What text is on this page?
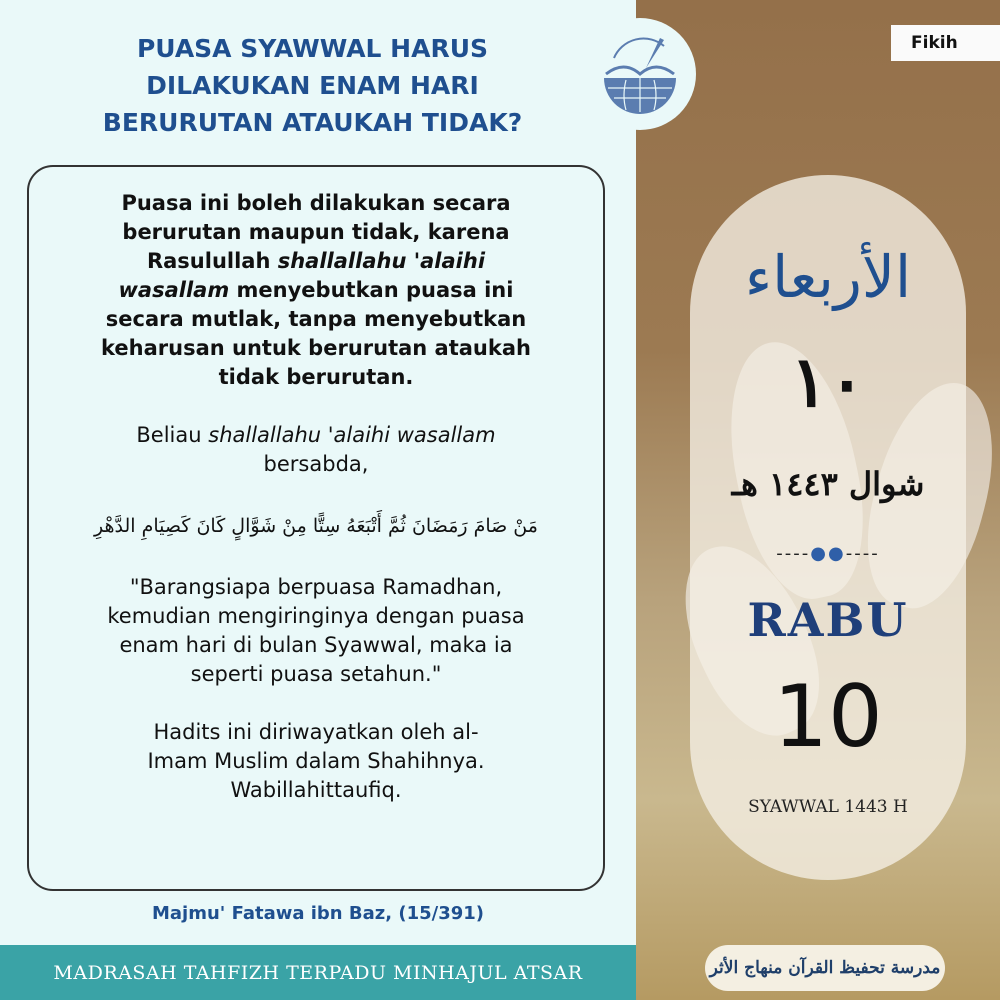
PUASA SYAWWAL HARUS
DILAKUKAN ENAM HARI
BERURUTAN ATAUKAH TIDAK?

Puasa ini boleh dilakukan secara berurutan maupun tidak, karena Rasulullah shallallahu 'alaihi wasallam menyebutkan puasa ini secara mutlak, tanpa menyebutkan keharusan untuk berurutan ataukah tidak berurutan.

Beliau shallallahu 'alaihi wasallam bersabda,

مَنْ صَامَ رَمَضَانَ ثُمَّ أَتْبَعَهُ سِتًّا مِنْ شَوَّالٍ كَانَ كَصِيَامِ الدَّهْرِ

"Barangsiapa berpuasa Ramadhan, kemudian mengiringinya dengan puasa enam hari di bulan Syawwal, maka ia seperti puasa setahun."

Hadits ini diriwayatkan oleh al-Imam Muslim dalam Shahihnya. Wabillahittaufiq.

Majmu' Fatawa ibn Baz, (15/391)
MADRASAH TAHFIZH TERPADU MINHAJUL ATSAR
Fikih
الأربعاء
١٠
شوال ١٤٤٣ هـ
----●●----
RABU
10
SYAWWAL 1443 H
مدرسة تحفيظ القرآن منهاج الأثر
